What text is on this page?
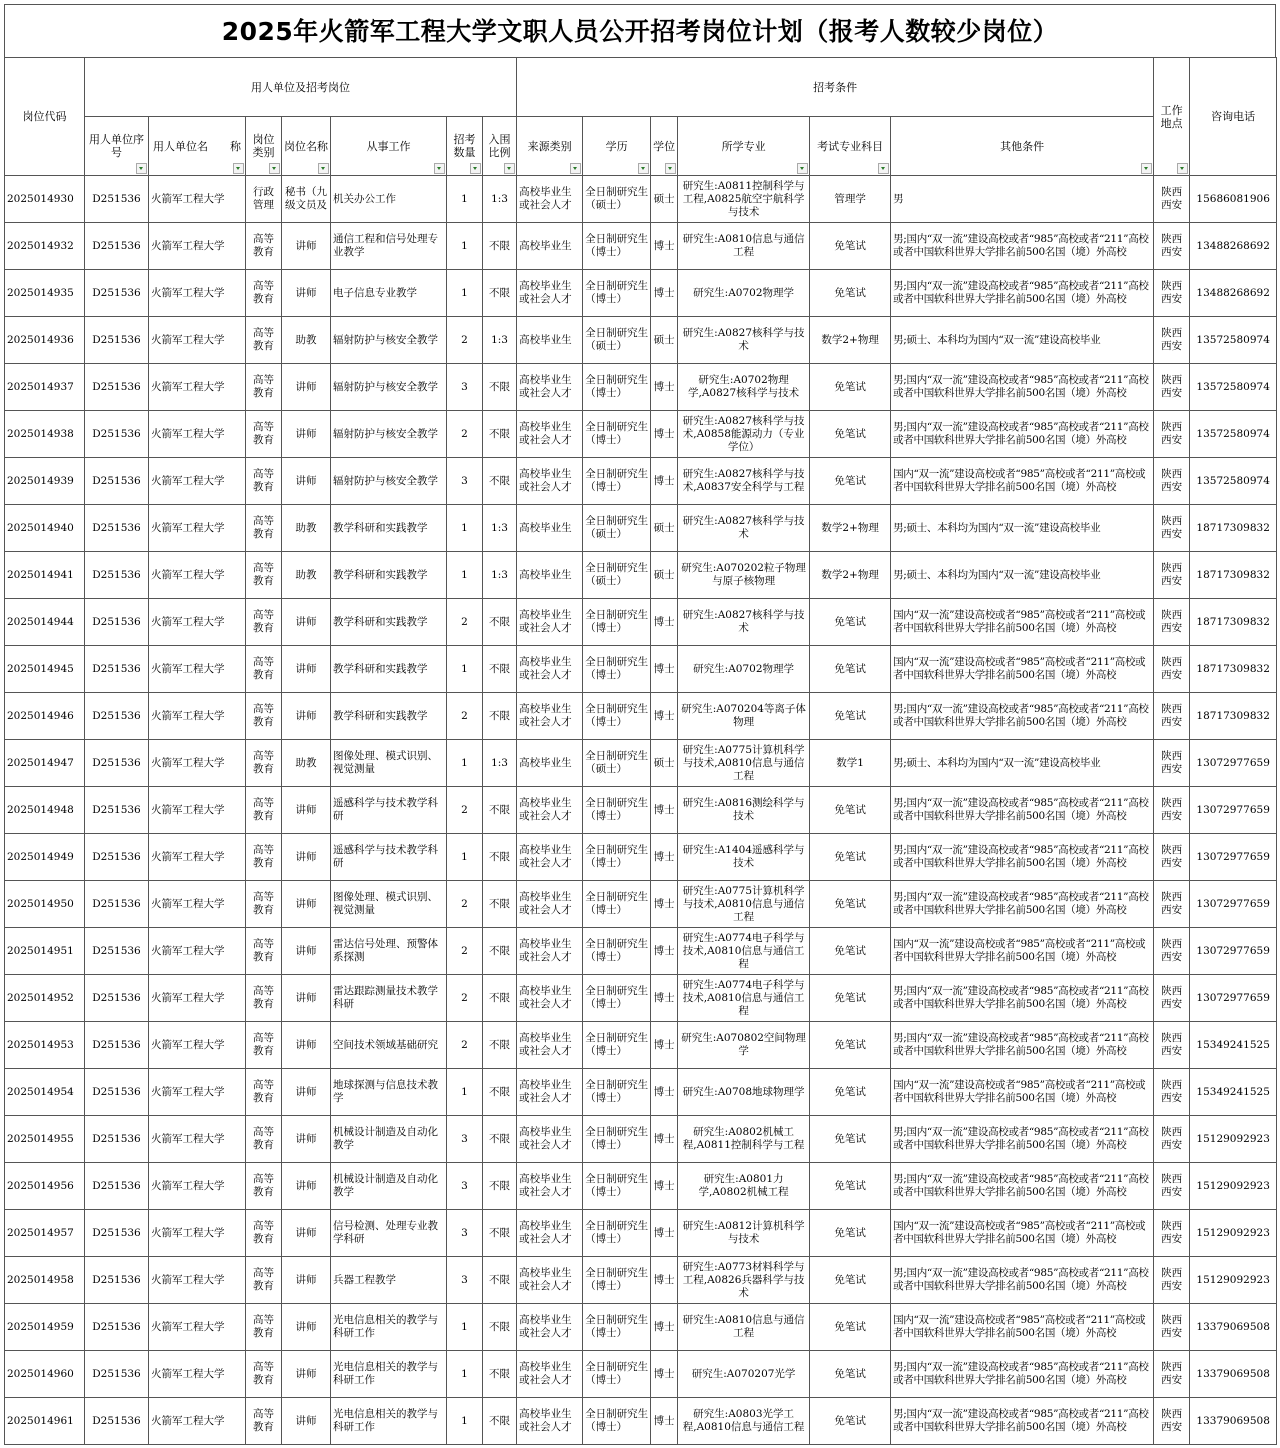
2025年火箭军工程大学文职人员公开招考岗位计划（报考人数较少岗位）
岗位代码	用人单位及招考岗位							招考条件						工作地点	咨询电话
	用人单位序　号	用人单位名　　称	岗位类别	岗位名称	从事工作	招考数量	入围比例	来源类别	学历	学位	所学专业	考试专业科目	其他条件		

2025014930	D251536	火箭军工程大学	行政管理	秘书（九级文员及	机关办公工作	1	1:3	高校毕业生或社会人才	全日制研究生（硕士）	硕士	研究生:A0811控制科学与工程,A0825航空宇航科学与技术	管理学	男	陕西西安	15686081906
2025014932	D251536	火箭军工程大学	高等教育	讲师	通信工程和信号处理专业教学	1	不限	高校毕业生	全日制研究生（博士）	博士	研究生:A0810信息与通信工程	免笔试	男;国内“双一流”建设高校或者“985”高校或者“211”高校或者中国软科世界大学排名前500名国（境）外高校	陕西西安	13488268692
2025014935	D251536	火箭军工程大学	高等教育	讲师	电子信息专业教学	1	不限	高校毕业生或社会人才	全日制研究生（博士）	博士	研究生:A0702物理学	免笔试	男;国内“双一流”建设高校或者“985”高校或者“211”高校或者中国软科世界大学排名前500名国（境）外高校	陕西西安	13488268692
2025014936	D251536	火箭军工程大学	高等教育	助教	辐射防护与核安全教学	2	1:3	高校毕业生	全日制研究生（硕士）	硕士	研究生:A0827核科学与技术	数学2+物理	男;硕士、本科均为国内“双一流”建设高校毕业	陕西西安	13572580974
2025014937	D251536	火箭军工程大学	高等教育	讲师	辐射防护与核安全教学	3	不限	高校毕业生或社会人才	全日制研究生（博士）	博士	研究生:A0702物理学,A0827核科学与技术	免笔试	男;国内“双一流”建设高校或者“985”高校或者“211”高校或者中国软科世界大学排名前500名国（境）外高校	陕西西安	13572580974
2025014938	D251536	火箭军工程大学	高等教育	讲师	辐射防护与核安全教学	2	不限	高校毕业生或社会人才	全日制研究生（博士）	博士	研究生:A0827核科学与技术,A0858能源动力（专业学位）	免笔试	男;国内“双一流”建设高校或者“985”高校或者“211”高校或者中国软科世界大学排名前500名国（境）外高校	陕西西安	13572580974
2025014939	D251536	火箭军工程大学	高等教育	讲师	辐射防护与核安全教学	3	不限	高校毕业生或社会人才	全日制研究生（博士）	博士	研究生:A0827核科学与技术,A0837安全科学与工程	免笔试	国内“双一流”建设高校或者“985”高校或者“211”高校或者中国软科世界大学排名前500名国（境）外高校	陕西西安	13572580974
2025014940	D251536	火箭军工程大学	高等教育	助教	教学科研和实践教学	1	1:3	高校毕业生	全日制研究生（硕士）	硕士	研究生:A0827核科学与技术	数学2+物理	男;硕士、本科均为国内“双一流”建设高校毕业	陕西西安	18717309832
2025014941	D251536	火箭军工程大学	高等教育	助教	教学科研和实践教学	1	1:3	高校毕业生	全日制研究生（硕士）	硕士	研究生:A070202粒子物理与原子核物理	数学2+物理	男;硕士、本科均为国内“双一流”建设高校毕业	陕西西安	18717309832
2025014944	D251536	火箭军工程大学	高等教育	讲师	教学科研和实践教学	2	不限	高校毕业生或社会人才	全日制研究生（博士）	博士	研究生:A0827核科学与技术	免笔试	国内“双一流”建设高校或者“985”高校或者“211”高校或者中国软科世界大学排名前500名国（境）外高校	陕西西安	18717309832
2025014945	D251536	火箭军工程大学	高等教育	讲师	教学科研和实践教学	1	不限	高校毕业生或社会人才	全日制研究生（博士）	博士	研究生:A0702物理学	免笔试	国内“双一流”建设高校或者“985”高校或者“211”高校或者中国软科世界大学排名前500名国（境）外高校	陕西西安	18717309832
2025014946	D251536	火箭军工程大学	高等教育	讲师	教学科研和实践教学	2	不限	高校毕业生或社会人才	全日制研究生（博士）	博士	研究生:A070204等离子体物理	免笔试	男;国内“双一流”建设高校或者“985”高校或者“211”高校或者中国软科世界大学排名前500名国（境）外高校	陕西西安	18717309832
2025014947	D251536	火箭军工程大学	高等教育	助教	图像处理、模式识别、视觉测量	1	1:3	高校毕业生	全日制研究生（硕士）	硕士	研究生:A0775计算机科学与技术,A0810信息与通信工程	数学1	男;硕士、本科均为国内“双一流”建设高校毕业	陕西西安	13072977659
2025014948	D251536	火箭军工程大学	高等教育	讲师	遥感科学与技术教学科研	2	不限	高校毕业生或社会人才	全日制研究生（博士）	博士	研究生:A0816测绘科学与技术	免笔试	男;国内“双一流”建设高校或者“985”高校或者“211”高校或者中国软科世界大学排名前500名国（境）外高校	陕西西安	13072977659
2025014949	D251536	火箭军工程大学	高等教育	讲师	遥感科学与技术教学科研	1	不限	高校毕业生或社会人才	全日制研究生（博士）	博士	研究生:A1404遥感科学与技术	免笔试	男;国内“双一流”建设高校或者“985”高校或者“211”高校或者中国软科世界大学排名前500名国（境）外高校	陕西西安	13072977659
2025014950	D251536	火箭军工程大学	高等教育	讲师	图像处理、模式识别、视觉测量	2	不限	高校毕业生或社会人才	全日制研究生（博士）	博士	研究生:A0775计算机科学与技术,A0810信息与通信工程	免笔试	男;国内“双一流”建设高校或者“985”高校或者“211”高校或者中国软科世界大学排名前500名国（境）外高校	陕西西安	13072977659
2025014951	D251536	火箭军工程大学	高等教育	讲师	雷达信号处理、预警体系探测	2	不限	高校毕业生或社会人才	全日制研究生（博士）	博士	研究生:A0774电子科学与技术,A0810信息与通信工程	免笔试	国内“双一流”建设高校或者“985”高校或者“211”高校或者中国软科世界大学排名前500名国（境）外高校	陕西西安	13072977659
2025014952	D251536	火箭军工程大学	高等教育	讲师	雷达跟踪测量技术教学科研	2	不限	高校毕业生或社会人才	全日制研究生（博士）	博士	研究生:A0774电子科学与技术,A0810信息与通信工程	免笔试	男;国内“双一流”建设高校或者“985”高校或者“211”高校或者中国软科世界大学排名前500名国（境）外高校	陕西西安	13072977659
2025014953	D251536	火箭军工程大学	高等教育	讲师	空间技术领域基础研究	2	不限	高校毕业生或社会人才	全日制研究生（博士）	博士	研究生:A070802空间物理学	免笔试	男;国内“双一流”建设高校或者“985”高校或者“211”高校或者中国软科世界大学排名前500名国（境）外高校	陕西西安	15349241525
2025014954	D251536	火箭军工程大学	高等教育	讲师	地球探测与信息技术教学	1	不限	高校毕业生或社会人才	全日制研究生（博士）	博士	研究生:A0708地球物理学	免笔试	国内“双一流”建设高校或者“985”高校或者“211”高校或者中国软科世界大学排名前500名国（境）外高校	陕西西安	15349241525
2025014955	D251536	火箭军工程大学	高等教育	讲师	机械设计制造及自动化教学	3	不限	高校毕业生或社会人才	全日制研究生（博士）	博士	研究生:A0802机械工程,A0811控制科学与工程	免笔试	男;国内“双一流”建设高校或者“985”高校或者“211”高校或者中国软科世界大学排名前500名国（境）外高校	陕西西安	15129092923
2025014956	D251536	火箭军工程大学	高等教育	讲师	机械设计制造及自动化教学	3	不限	高校毕业生或社会人才	全日制研究生（博士）	博士	研究生:A0801力学,A0802机械工程	免笔试	男;国内“双一流”建设高校或者“985”高校或者“211”高校或者中国软科世界大学排名前500名国（境）外高校	陕西西安	15129092923
2025014957	D251536	火箭军工程大学	高等教育	讲师	信号检测、处理专业教学科研	3	不限	高校毕业生或社会人才	全日制研究生（博士）	博士	研究生:A0812计算机科学与技术	免笔试	国内“双一流”建设高校或者“985”高校或者“211”高校或者中国软科世界大学排名前500名国（境）外高校	陕西西安	15129092923
2025014958	D251536	火箭军工程大学	高等教育	讲师	兵器工程教学	3	不限	高校毕业生或社会人才	全日制研究生（博士）	博士	研究生:A0773材料科学与工程,A0826兵器科学与技术	免笔试	男;国内“双一流”建设高校或者“985”高校或者“211”高校或者中国软科世界大学排名前500名国（境）外高校	陕西西安	15129092923
2025014959	D251536	火箭军工程大学	高等教育	讲师	光电信息相关的教学与科研工作	1	不限	高校毕业生或社会人才	全日制研究生（博士）	博士	研究生:A0810信息与通信工程	免笔试	国内“双一流”建设高校或者“985”高校或者“211”高校或者中国软科世界大学排名前500名国（境）外高校	陕西西安	13379069508
2025014960	D251536	火箭军工程大学	高等教育	讲师	光电信息相关的教学与科研工作	1	不限	高校毕业生或社会人才	全日制研究生（博士）	博士	研究生:A070207光学	免笔试	男;国内“双一流”建设高校或者“985”高校或者“211”高校或者中国软科世界大学排名前500名国（境）外高校	陕西西安	13379069508
2025014961	D251536	火箭军工程大学	高等教育	讲师	光电信息相关的教学与科研工作	1	不限	高校毕业生或社会人才	全日制研究生（博士）	博士	研究生:A0803光学工程,A0810信息与通信工程	免笔试	男;国内“双一流”建设高校或者“985”高校或者“211”高校或者中国软科世界大学排名前500名国（境）外高校	陕西西安	13379069508
